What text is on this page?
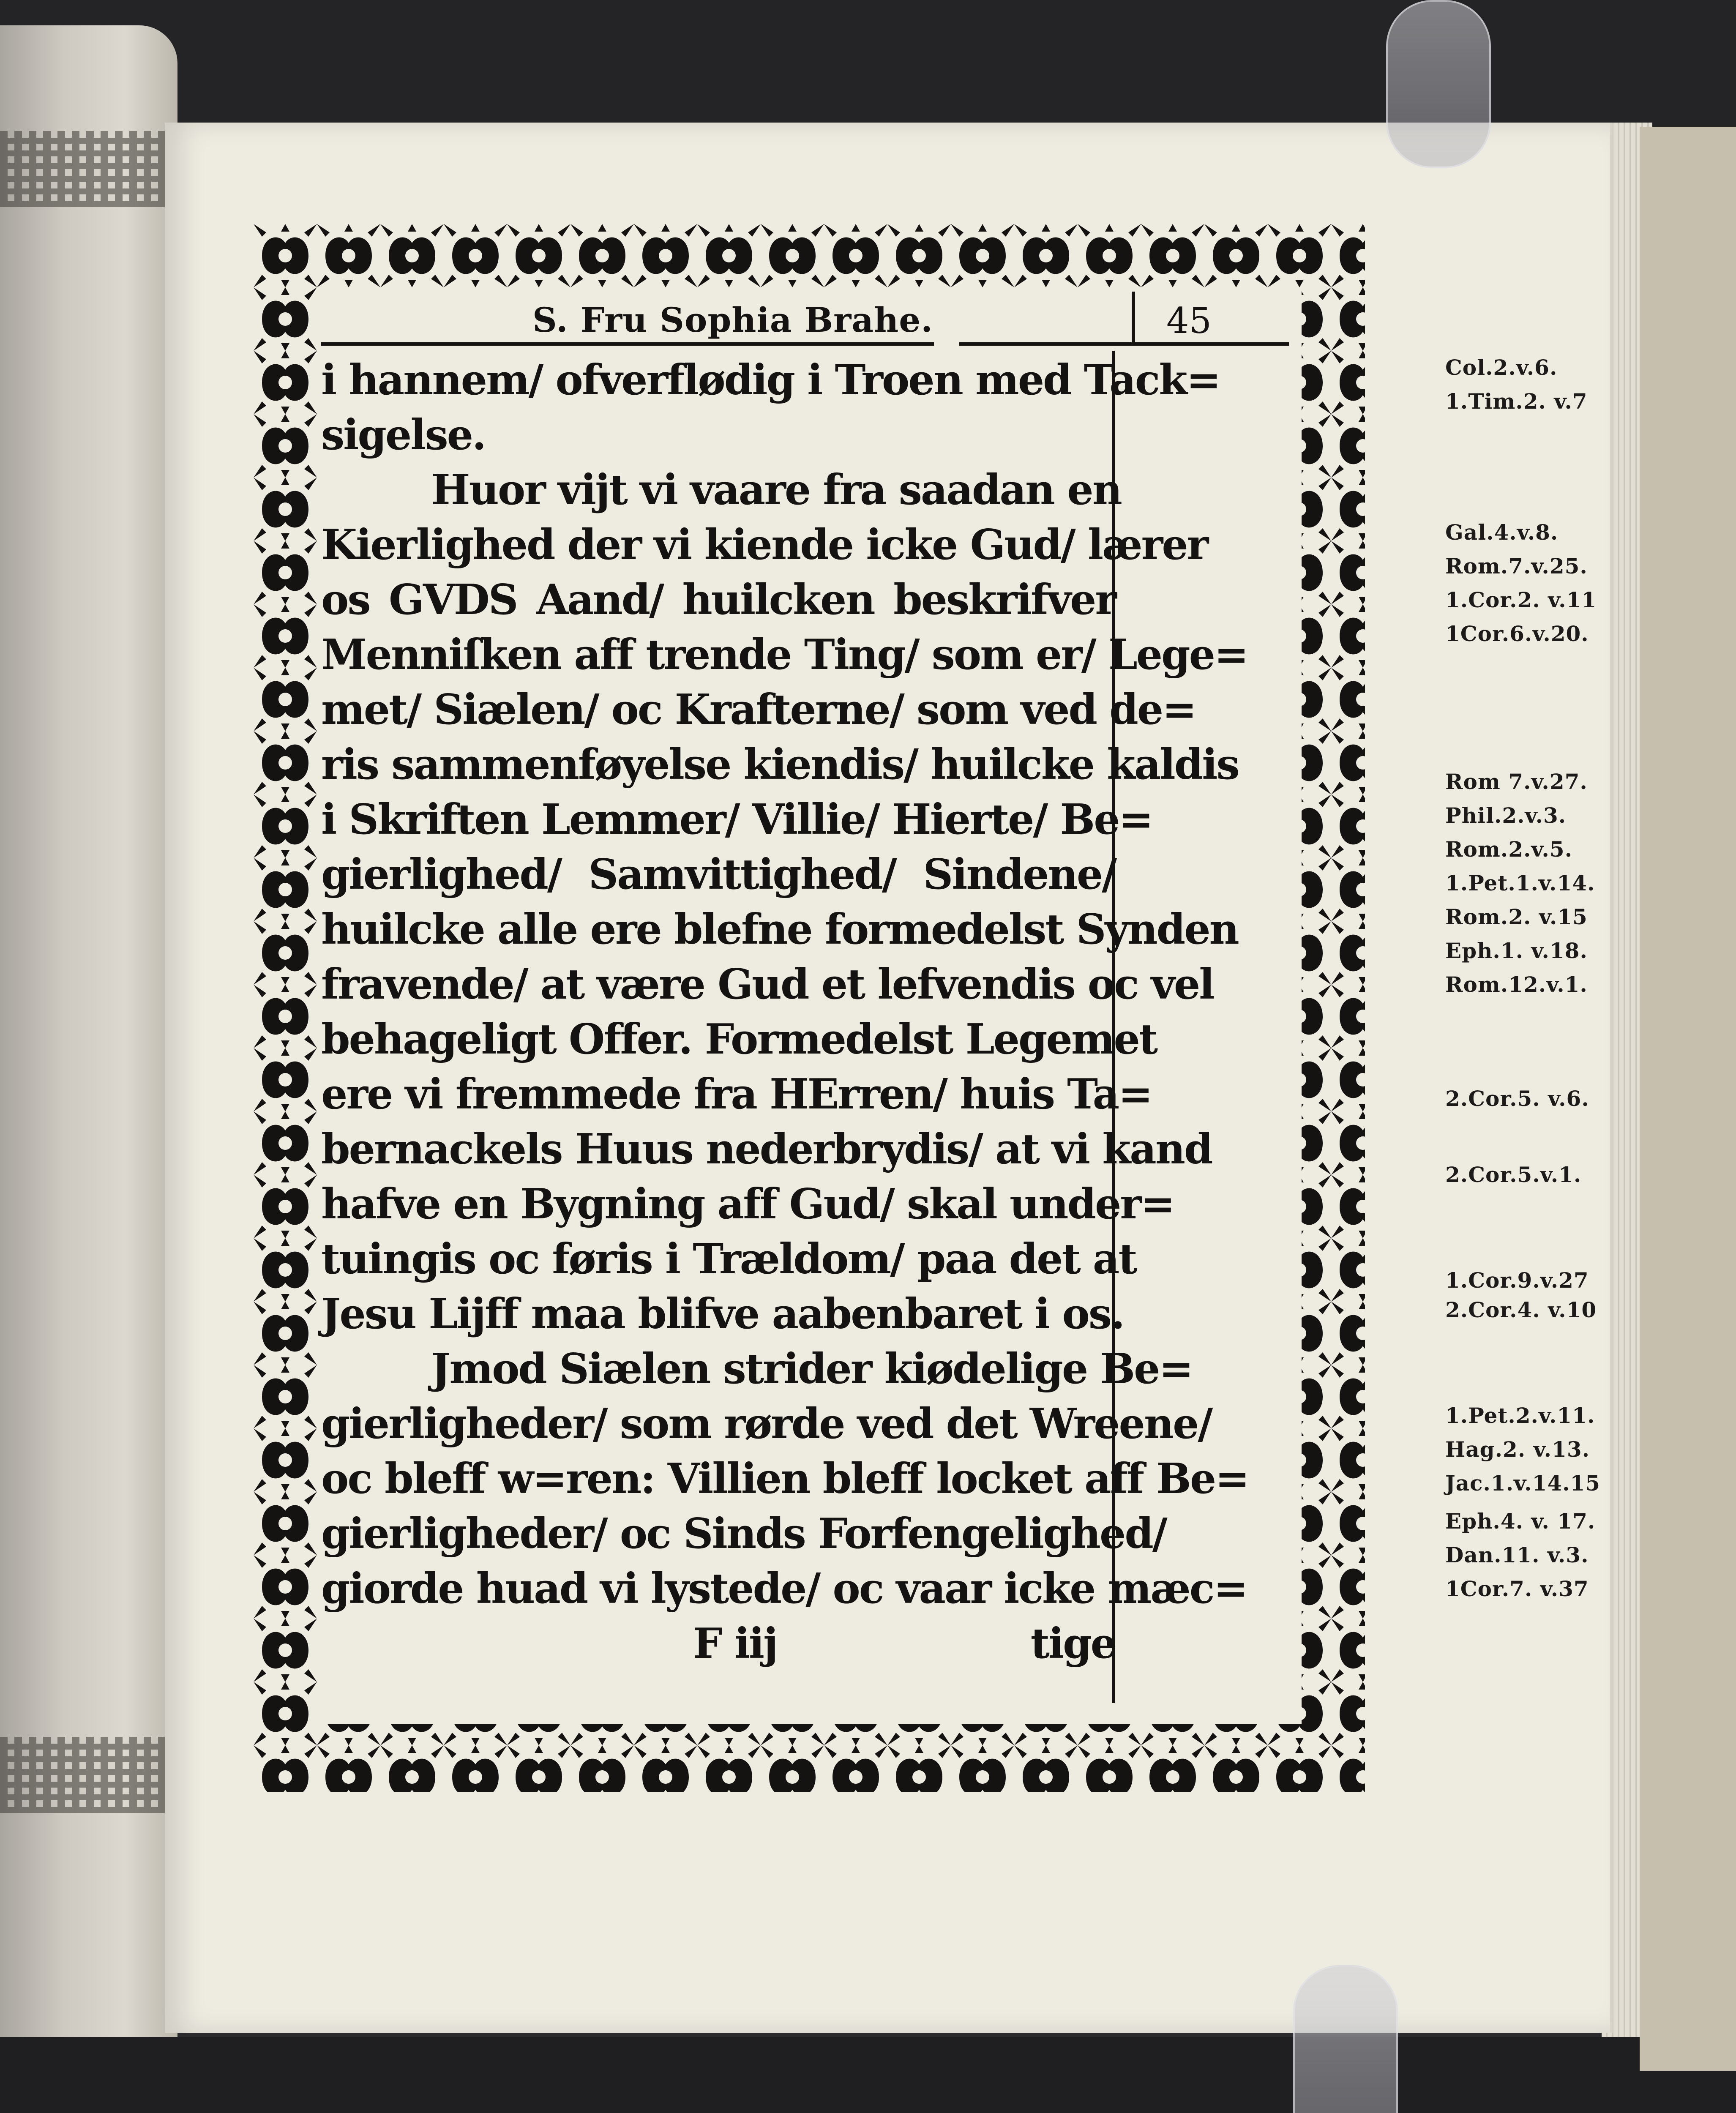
S. Fru Sophia Brahe.	45
i hannem/ ofverflødig i Troen med Tack=
sigelse.
Huor vijt vi vaare fra saadan en
Kierlighed der vi kiende icke Gud/ lærer
os GVDS Aand/ huilcken beskrifver
Menniſken aff trende Ting/ som er/ Lege=
met/ Siælen/ oc Krafterne/ som ved de=
ris sammenføyelse kiendis/ huilcke kaldis
i Skriften Lemmer/ Villie/ Hierte/ Be=
gierlighed/ Samvittighed/ Sindene/
huilcke alle ere blefne formedelst Synden
fravende/ at være Gud et lefvendis oc vel
behageligt Offer. Formedelst Legemet
ere vi fremmede fra HErren/ huis Ta=
bernackels Huus nederbrydis/ at vi kand
hafve en Bygning aff Gud/ skal under=
tuingis oc føris i Trældom/ paa det at
Jesu Lijff maa blifve aabenbaret i os.
Jmod Siælen strider kiødelige Be=
gierligheder/ som rørde ved det Wreene/
oc bleff w=ren: Villien bleff locket aff Be=
gierligheder/ oc Sinds Forfengelighed/
giorde huad vi lystede/ oc vaar icke mæc=
F iij	tige
Col.2.v.6.
1.Tim.2. v.7
Gal.4.v.8.
Rom.7.v.25.
1.Cor.2. v.11
1Cor.6.v.20.
Rom 7.v.27.
Phil.2.v.3.
Rom.2.v.5.
1.Pet.1.v.14.
Rom.2. v.15
Eph.1. v.18.
Rom.12.v.1.
2.Cor.5. v.6.
2.Cor.5.v.1.
1.Cor.9.v.27
2.Cor.4. v.10
1.Pet.2.v.11.
Hag.2. v.13.
Jac.1.v.14.15
Eph.4. v. 17.
Dan.11. v.3.
1Cor.7. v.37
